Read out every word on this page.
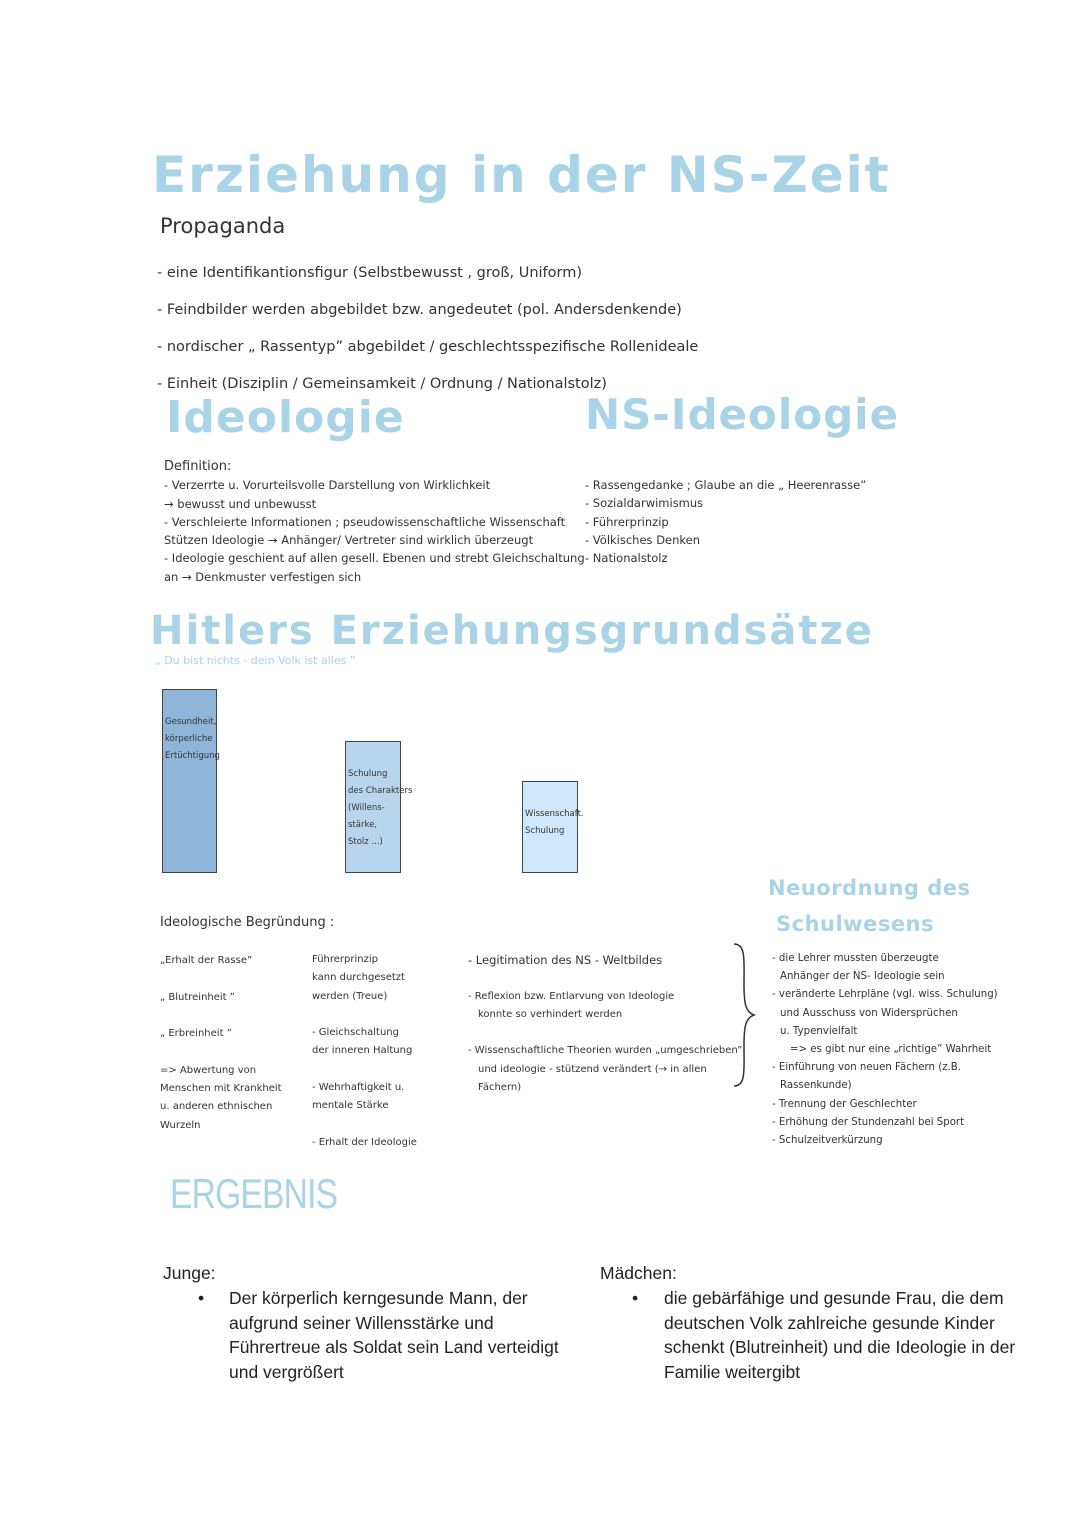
Erziehung in der NS-Zeit
Propaganda
- eine Identifikantionsfigur (Selbstbewusst , groß, Uniform)
- Feindbilder werden abgebildet bzw. angedeutet (pol. Andersdenkende)
- nordischer „ Rassentyp” abgebildet / geschlechtsspezifische Rollenideale
- Einheit (Disziplin / Gemeinsamkeit / Ordnung / Nationalstolz)
Ideologie

Definition:

- Verzerrte u. Vorurteilsvolle Darstellung von Wirklichkeit

→ bewusst und unbewusst

- Verschleierte Informationen ; pseudowissenschaftliche Wissenschaft

Stützen Ideologie → Anhänger/ Vertreter sind wirklich überzeugt

- Ideologie geschient auf allen gesell. Ebenen und strebt Gleichschaltung

an → Denkmuster verfestigen sich

NS-Ideologie
- Rassengedanke ; Glaube an die „ Heerenrasse”
- Sozialdarwimismus
- Führerprinzip
- Völkisches Denken
- Nationalstolz
Hitlers Erziehungsgrundsätze
„ Du bist nichts - dein Volk ist alles ”
Gesundheit,
körperliche
Ertüchtigung
Schulung
des Charakters
(Willens-
stärke,
Stolz ...)
Wissenschaft.
Schulung
Neuordnung des
Schulwesens
- die Lehrer mussten überzeugte
Anhänger der NS- Ideologie sein
- veränderte Lehrpläne (vgl. wiss. Schulung)
und Ausschuss von Widersprüchen
u. Typenvielfalt
=> es gibt nur eine „richtige” Wahrheit
- Einführung von neuen Fächern (z.B.
Rassenkunde)
- Trennung der Geschlechter
- Erhöhung der Stundenzahl bei Sport
- Schulzeitverkürzung
Ideologische Begründung :

„Erhalt der Rasse”

„ Blutreinheit ”

„ Erbreinheit ”

=> Abwertung von

Menschen mit Krankheit

u. anderen ethnischen

Wurzeln

Führerprinzip

kann durchgesetzt

werden (Treue)

- Gleichschaltung

der inneren Haltung

- Wehrhaftigkeit u.

mentale Stärke

- Erhalt der Ideologie

- Legitimation des NS - Weltbildes

- Reflexion bzw. Entlarvung von Ideologie

konnte so verhindert werden

- Wissenschaftliche Theorien wurden „umgeschrieben”

und ideologie - stützend verändert (→ in allen

Fächern)

ERGEBNIS
Junge:
• Der körperlich kerngesunde Mann, der aufgrund seiner Willensstärke und Führertreue als Soldat sein Land verteidigt und vergrößert
Mädchen:
• die gebärfähige und gesunde Frau, die dem deutschen Volk zahlreiche gesunde Kinder schenkt (Blutreinheit) und die Ideologie in der Familie weitergibt
